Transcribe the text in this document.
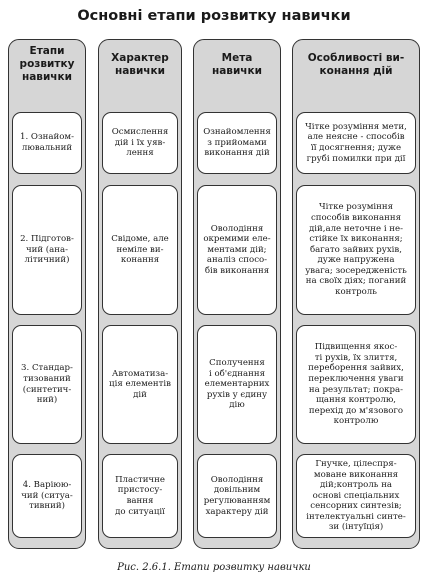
Основні етапи розвитку навички
Етапи
розвитку
навички
1. Ознайом-
лювальний
2. Підготов-
чий (ана-
літичний)
3. Стандар-
тизований
(синтетич-
ний)
4. Варіюю-
чий (ситуа-
тивний)
Характер
навички
Осмислення
дій і їх уяв-
лення
Свідоме, але
неміле ви-
конання
Автоматиза-
ція елементів
дій
Пластичне
пристосу-
вання
до ситуації
Мета
навички
Ознайомлення
з прийомами
виконання дій
Оволодіння
окремими еле-
ментами дій;
аналіз спосо-
бів виконання
Сполучення
і об'єднання
елементарних
рухів у єдину
дію
Оволодіння
довільним
регулюванням
характеру дій
Особливості ви-
конання дій
Чітке розуміння мети,
але неясне - способів
її досягнення; дуже
грубі помилки при дії
Чітке розуміння
способів виконання
дій,але неточне і не-
стійке їх виконання;
багато зайвих рухів,
дуже напружена
увага; зосередженість
на своїх діях; поганий
контроль
Підвищення якос-
ті рухів, їх злиття,
переборення зайвих,
переключення уваги
на результат; покра-
щання контролю,
перехід до м'язового
контролю
Гнучке, цілеспря-
моване виконання
дій;контроль на
основі спеціальних
сенсорних синтезів;
інтелектуальні синте-
зи (інтуїція)
Рис. 2.6.1. Етапи розвитку навички
